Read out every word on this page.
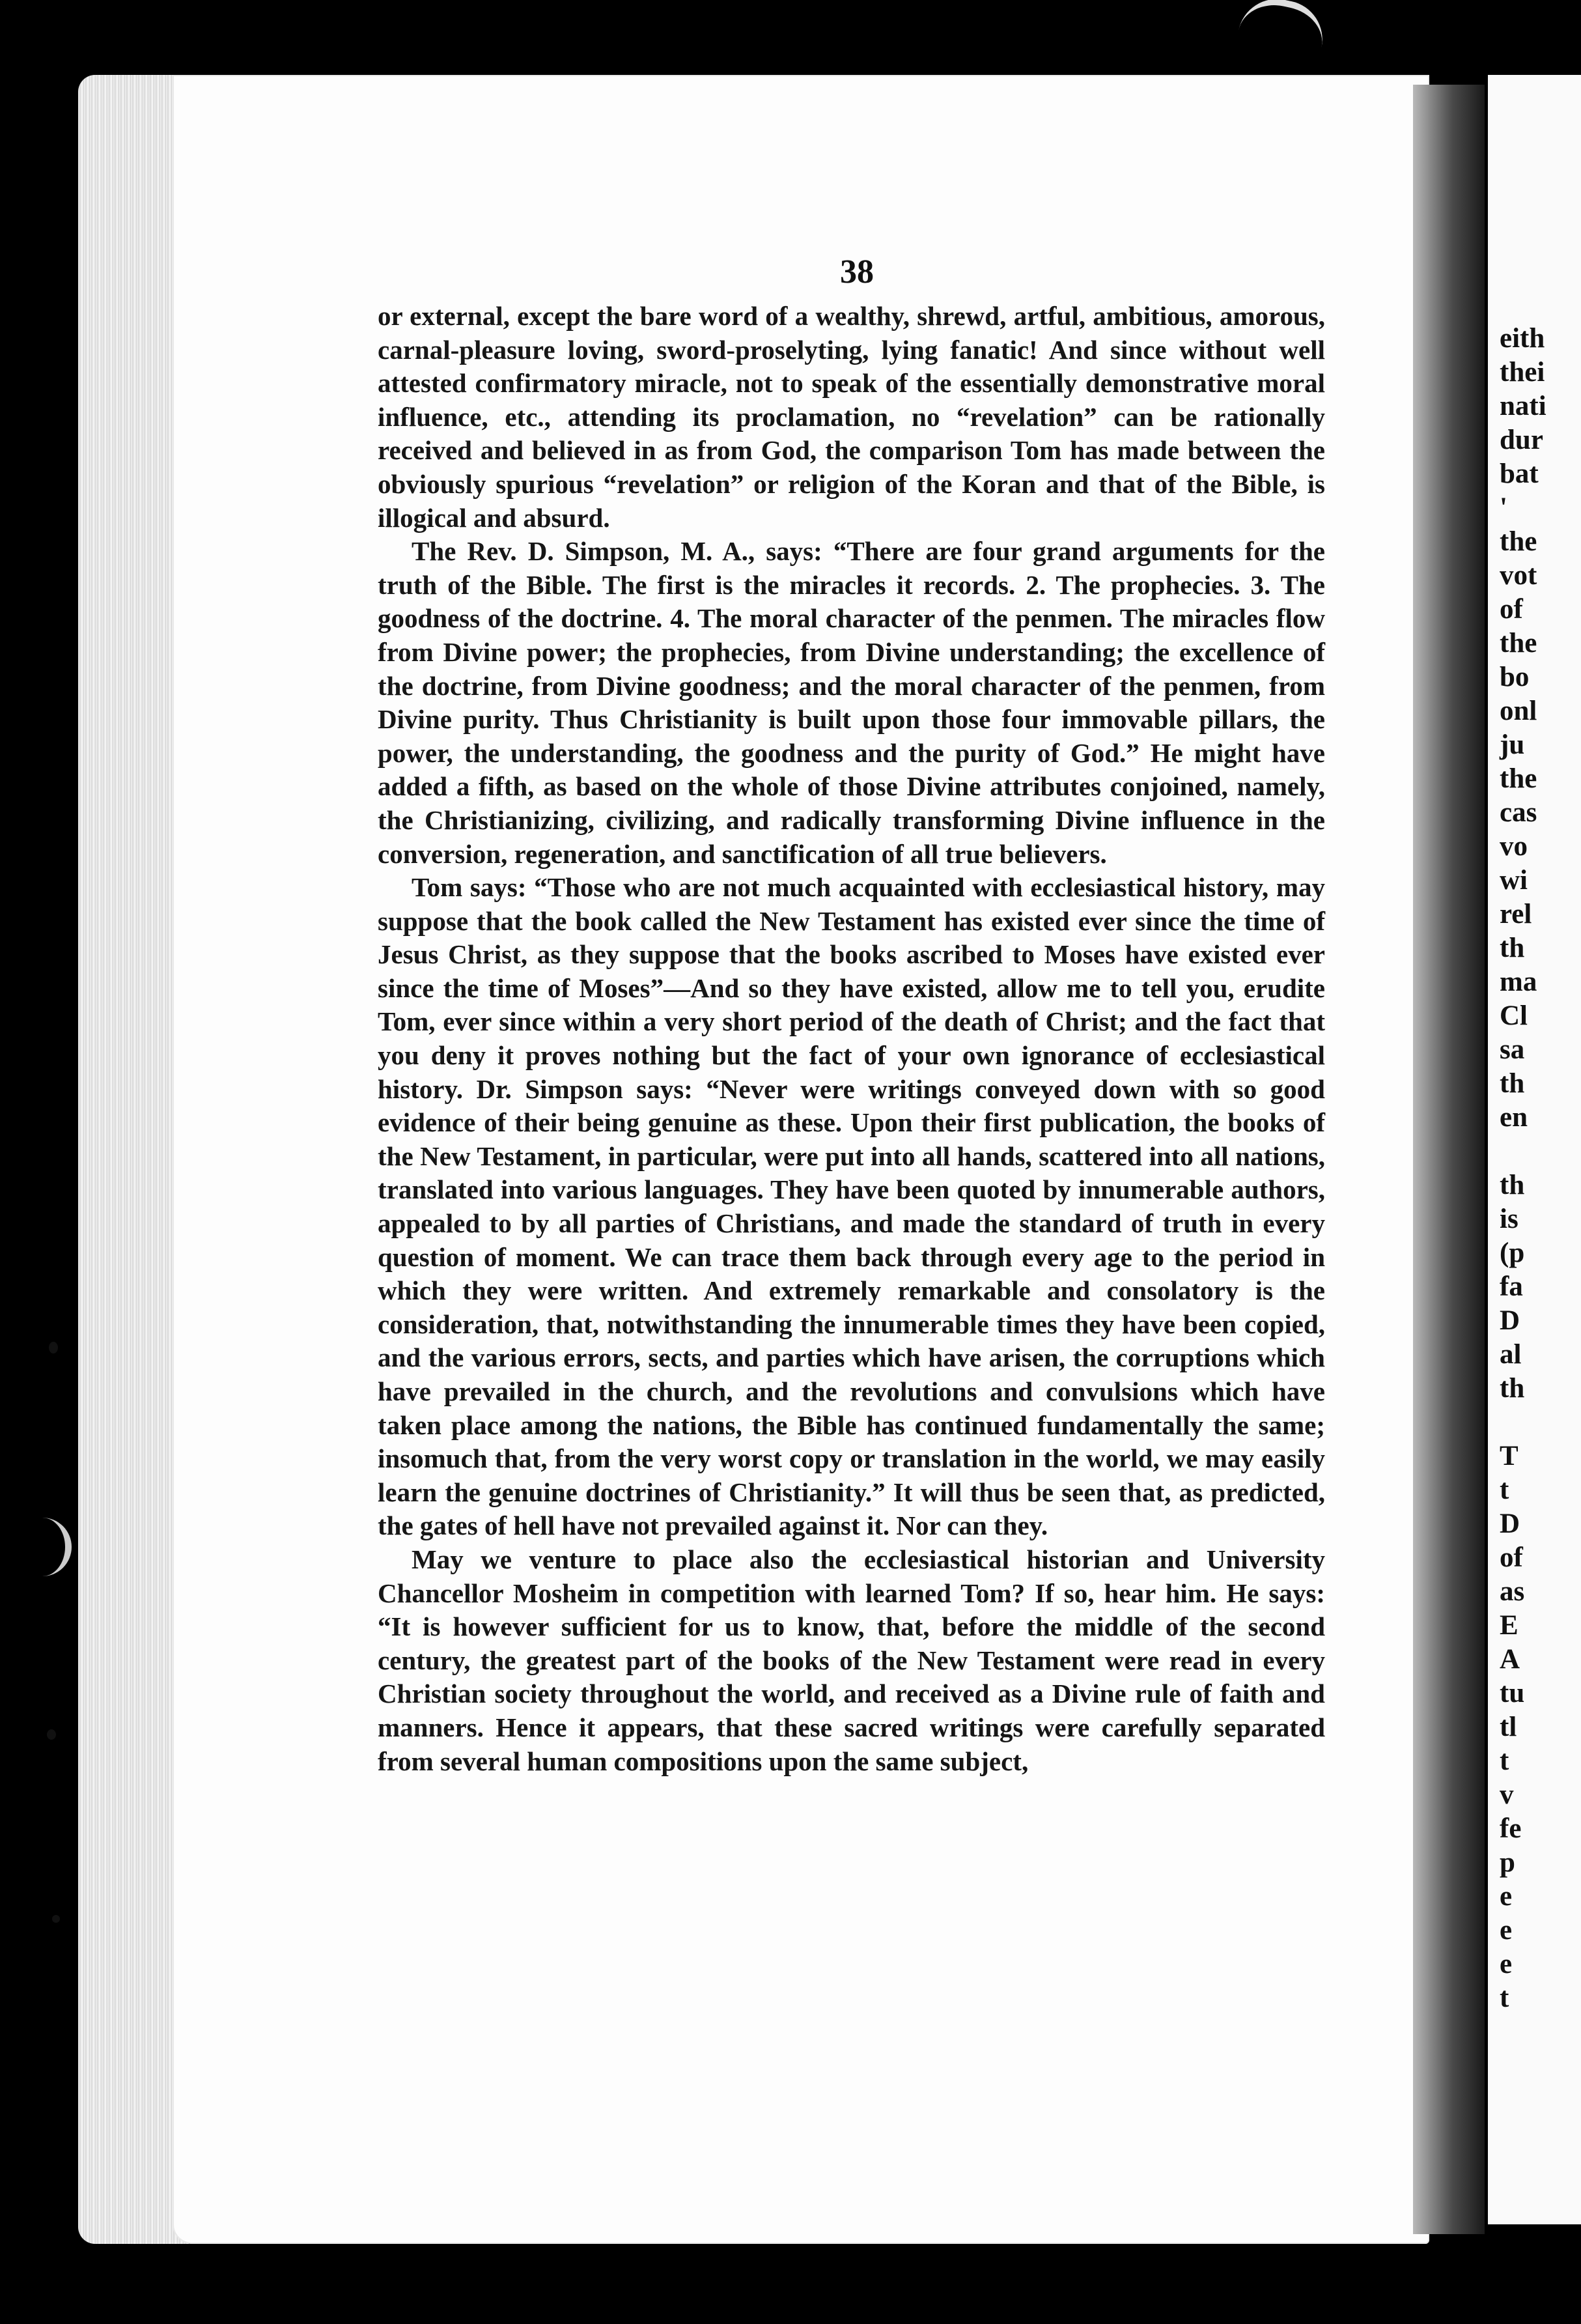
eith
thei
nati
dur
bat
'
the
vot
of
the
bo
onl
ju
the
cas
vo
wi
rel
th
ma
Cl
sa
th
en
th
is
(p
fa
D
al
th
T
t
D
of
as
E
A
tu
tl
t
v
fe
p
e
e
e
t
38

or external, except the bare word of a wealthy, shrewd, artful, ambitious, amorous, carnal-pleasure loving, sword-proselyting, lying fanatic! And since without well attested confirmatory miracle, not to speak of the essentially demonstrative moral influence, etc., attending its proclamation, no “revelation” can be rationally received and believed in as from God, the comparison Tom has made between the obviously spurious “revelation” or religion of the Koran and that of the Bible, is illogical and absurd.

The Rev. D. Simpson, M. A., says: “There are four grand arguments for the truth of the Bible. The first is the miracles it records. 2. The prophecies. 3. The goodness of the doctrine. 4. The moral character of the penmen. The miracles flow from Divine power; the prophecies, from Divine understanding; the excellence of the doctrine, from Divine goodness; and the moral character of the penmen, from Divine purity. Thus Christianity is built upon those four immovable pillars, the power, the understanding, the goodness and the purity of God.” He might have added a fifth, as based on the whole of those Divine attributes conjoined, namely, the Christianizing, civilizing, and radically transforming Divine influence in the conversion, regeneration, and sanctification of all true believers.

Tom says: “Those who are not much acquainted with ecclesiastical history, may suppose that the book called the New Testament has existed ever since the time of Jesus Christ, as they suppose that the books ascribed to Moses have existed ever since the time of Moses”—And so they have existed, allow me to tell you, erudite Tom, ever since within a very short period of the death of Christ; and the fact that you deny it proves nothing but the fact of your own ignorance of ecclesiastical history. Dr. Simpson says: “Never were writings conveyed down with so good evidence of their being genuine as these. Upon their first publication, the books of the New Testament, in particular, were put into all hands, scattered into all nations, translated into various languages. They have been quoted by innumerable authors, appealed to by all parties of Christians, and made the standard of truth in every question of moment. We can trace them back through every age to the period in which they were written. And extremely remarkable and consolatory is the consideration, that, notwithstanding the innumerable times they have been copied, and the various errors, sects, and parties which have arisen, the corruptions which have prevailed in the church, and the revolutions and convulsions which have taken place among the nations, the Bible has continued fundamentally the same; insomuch that, from the very worst copy or translation in the world, we may easily learn the genuine doctrines of Christianity.” It will thus be seen that, as predicted, the gates of hell have not prevailed against it. Nor can they.

May we venture to place also the ecclesiastical historian and University Chancellor Mosheim in competition with learned Tom? If so, hear him. He says: “It is however sufficient for us to know, that, before the middle of the second century, the greatest part of the books of the New Testament were read in every Christian society throughout the world, and received as a Divine rule of faith and manners. Hence it appears, that these sacred writings were carefully separated from several human compositions upon the same subject,
